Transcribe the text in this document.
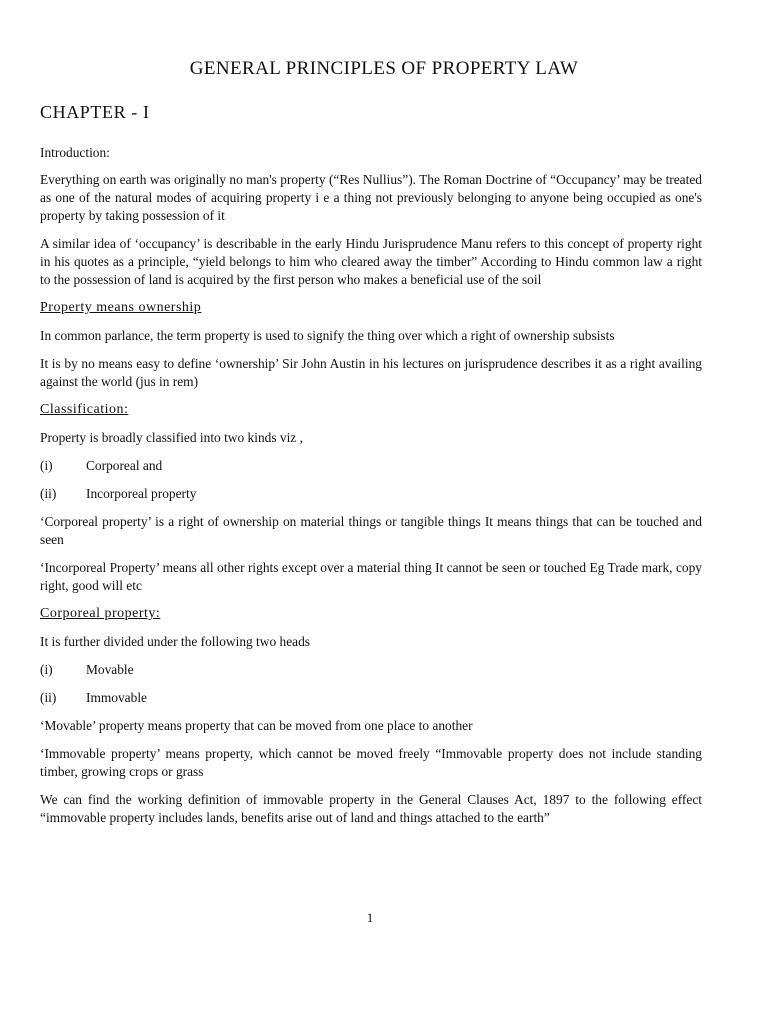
GENERAL PRINCIPLES OF PROPERTY LAW
CHAPTER - I

Introduction:

Everything on earth was originally no man's property (“Res Nullius”). The Roman Doctrine of “Occupancy’ may be treated as one of the natural modes of acquiring property i e a thing not previously belonging to anyone being occupied as one's property by taking possession of it

A similar idea of ‘occupancy’ is describable in the early Hindu Jurisprudence Manu refers to this concept of property right in his quotes as a principle, “yield belongs to him who cleared away the timber” According to Hindu common law a right to the possession of land is acquired by the first person who makes a beneficial use of the soil

Property means ownership

In common parlance, the term property is used to signify the thing over which a right of ownership subsists

It is by no means easy to define ‘ownership’ Sir John Austin in his lectures on jurisprudence describes it as a right availing against the world (jus in rem)

Classification:

Property is broadly classified into two kinds viz ,

(i)	Corporeal and
(ii)	Incorporeal property

‘Corporeal property’ is a right of ownership on material things or tangible things It means things that can be touched and seen

‘Incorporeal Property’ means all other rights except over a material thing It cannot be seen or touched Eg Trade mark, copy right, good will etc

Corporeal property:

It is further divided under the following two heads

(i)	Movable
(ii)	Immovable

‘Movable’ property means property that can be moved from one place to another

‘Immovable property’ means property, which cannot be moved freely “Immovable property does not include standing timber, growing crops or grass

We can find the working definition of immovable property in the General Clauses Act, 1897 to the following effect “immovable property includes lands, benefits arise out of land and things attached to the earth”

1
